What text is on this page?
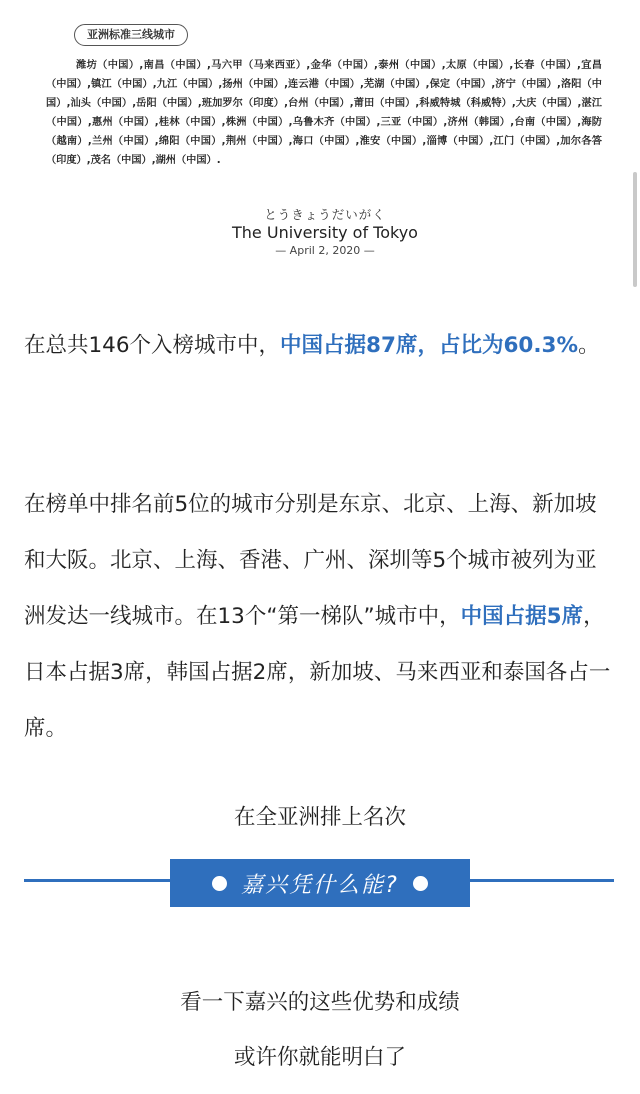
亚洲标准三线城市

潍坊（中国）,南昌（中国）,马六甲（马来西亚）,金华（中国）,泰州（中国）,太原（中国）,长春（中国）,宜昌（中国）,镇江（中国）,九江（中国）,扬州（中国）,连云港（中国）,芜湖（中国）,保定（中国）,济宁（中国）,洛阳（中国）,汕头（中国）,岳阳（中国）,班加罗尔（印度）,台州（中国）,莆田（中国）,科威特城（科威特）,大庆（中国）,湛江（中国）,惠州（中国）,桂林（中国）,株洲（中国）,乌鲁木齐（中国）,三亚（中国）,济州（韩国）,台南（中国）,海防（越南）,兰州（中国）,绵阳（中国）,荆州（中国）,海口（中国）,淮安（中国）,淄博（中国）,江门（中国）,加尔各答（印度）,茂名（中国）,湖州（中国）.

とうきょうだいがく
The University of Tokyo
— April 2, 2020 —

在总共146个入榜城市中，中国占据87席，占比为60.3%。

在榜单中排名前5位的城市分别是东京、北京、上海、新加坡和大阪。北京、上海、香港、广州、深圳等5个城市被列为亚洲发达一线城市。在13个“第一梯队”城市中，中国占据5席，日本占据3席，韩国占据2席，新加坡、马来西亚和泰国各占一席。

在全亚洲排上名次

嘉兴凭什么能?

看一下嘉兴的这些优势和成绩

或许你就能明白了
